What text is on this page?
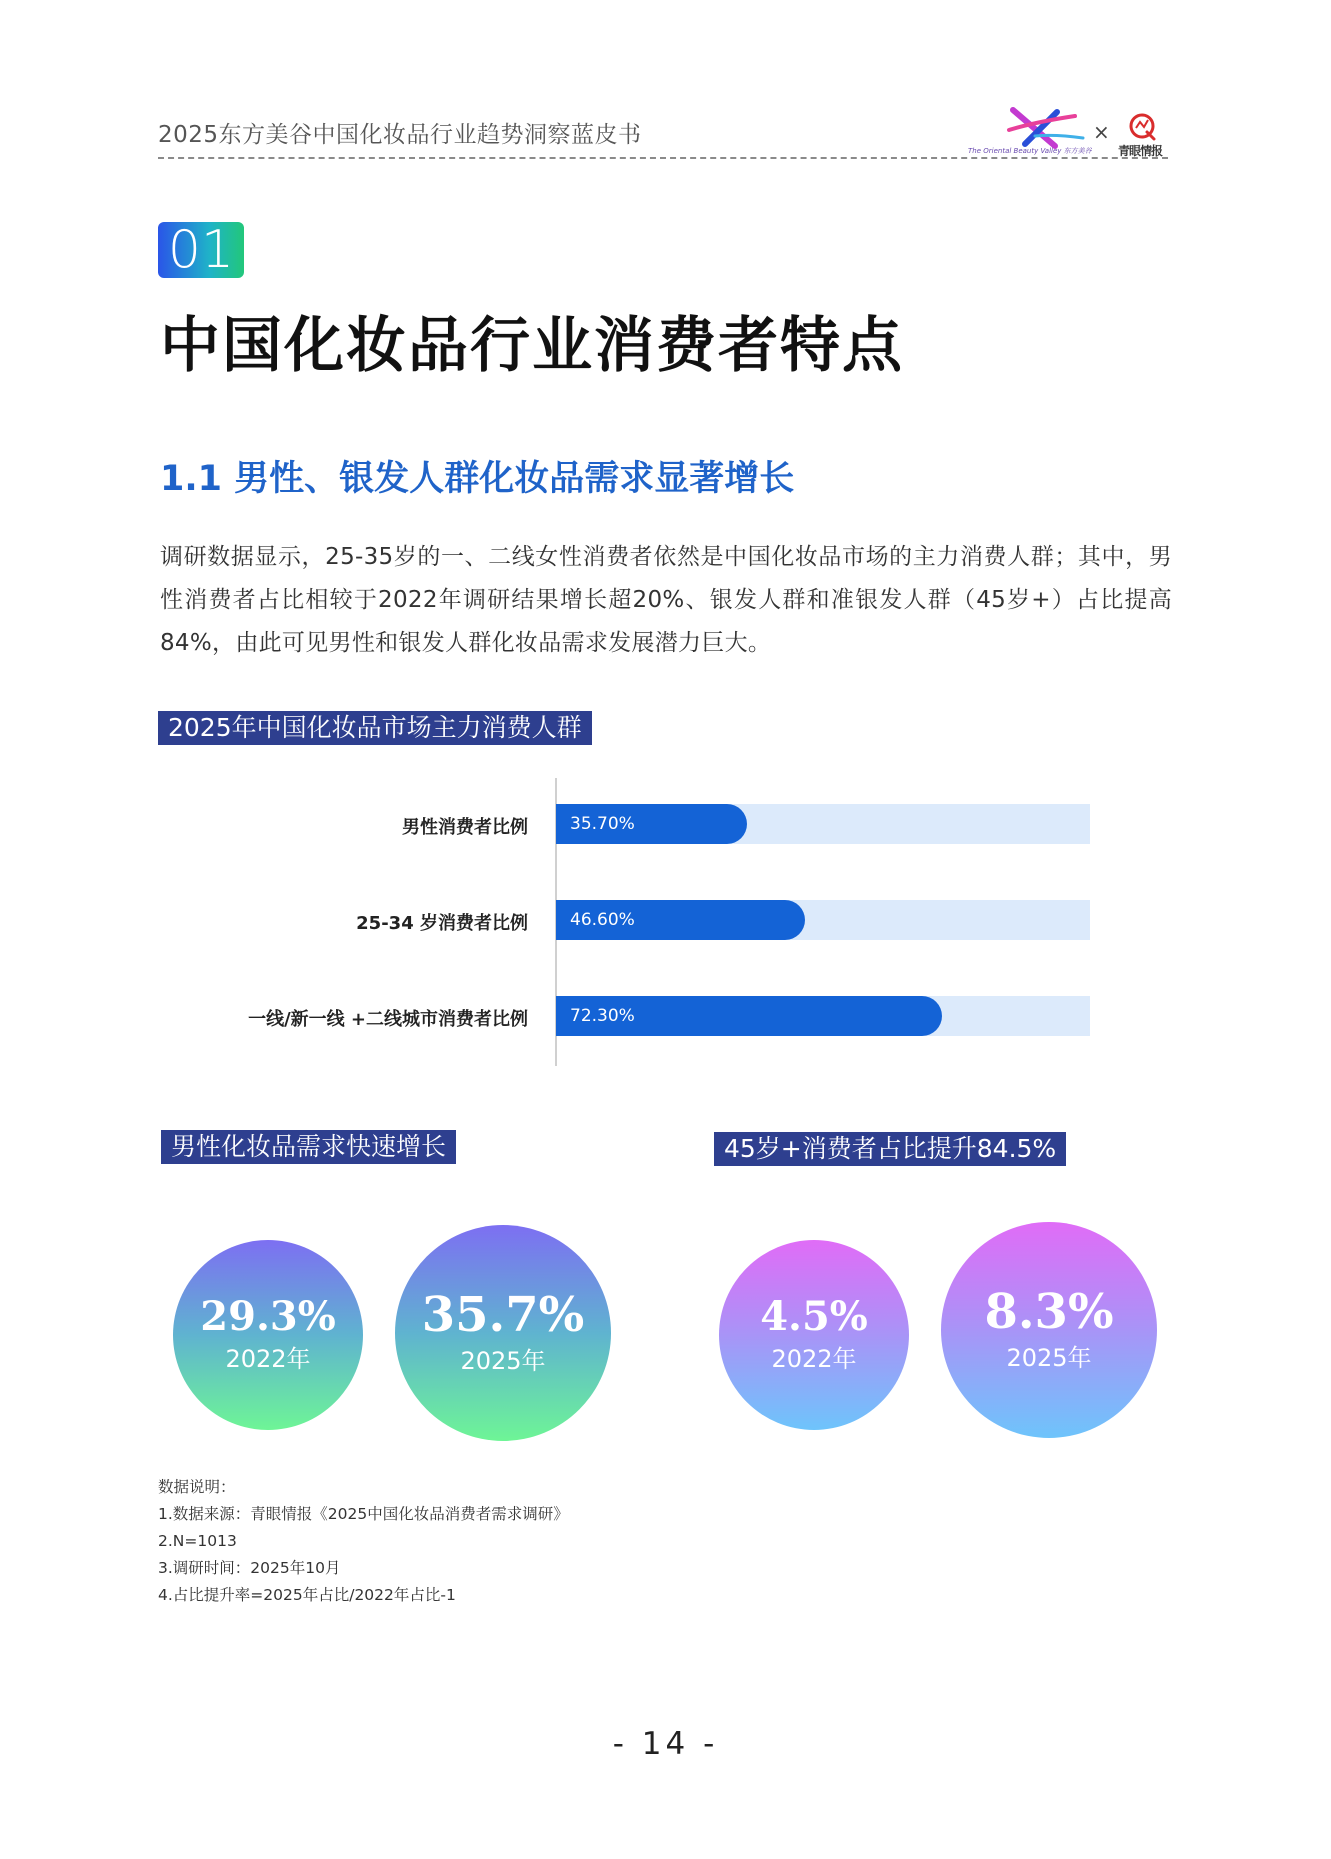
2025东方美谷中国化妆品行业趋势洞察蓝皮书
The Oriental Beauty Valley 东方美谷
×
青眼情报
01
中国化妆品行业消费者特点
1.1 男性、银发人群化妆品需求显著增长
调研数据显示，25-35岁的一、二线女性消费者依然是中国化妆品市场的主力消费人群；其中，男性消费者占比相较于2022年调研结果增长超20%、银发人群和准银发人群（45岁+）占比提高84%，由此可见男性和银发人群化妆品需求发展潜力巨大。
2025年中国化妆品市场主力消费人群
男性消费者比例 35.70%
25-34 岁消费者比例 46.60%
一线/新一线 +二线城市消费者比例 72.30%
男性化妆品需求快速增长
29.3%
2022年
35.7%
2025年
45岁+消费者占比提升84.5%
4.5%
2022年
8.3%
2025年
数据说明：
1.数据来源：青眼情报《2025中国化妆品消费者需求调研》
2.N=1013
3.调研时间：2025年10月
4.占比提升率=2025年占比/2022年占比-1
- 14 -
